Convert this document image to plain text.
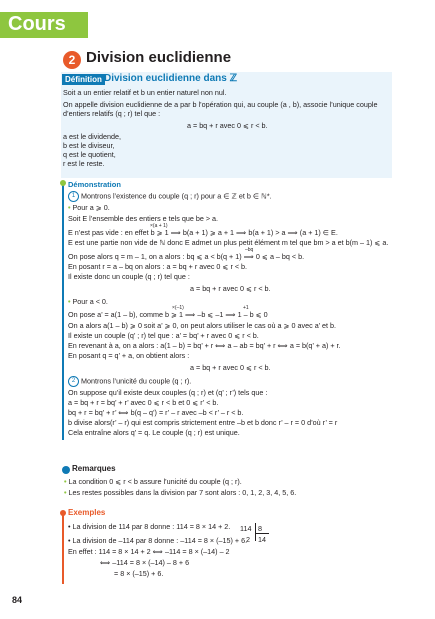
Cours
2 Division euclidienne
Définition Division euclidienne dans ℤ
Soit a un entier relatif et b un entier naturel non nul.
On appelle division euclidienne de a par b l’opération qui, au couple (a , b), associe l’unique couple
d’entiers relatifs (q ; r) tel que :
a = bq + r avec 0 ⩽ r < b.
a est le dividende,
b est le diviseur,
q est le quotient,
r est le reste.
Démonstration
1 Montrons l’existence du couple (q ; r) pour a ∈ ℤ et b ∈ ℕ*.
• Pour a ⩾ 0.
Soit E l’ensemble des entiers e tels que be > a.
×(a + 1)
E n’est pas vide : en effet b ⩾ 1 ⟹ b(a + 1) ⩾ a + 1 ⟹ b(a + 1) > a ⟹ (a + 1) ∈ E.
E est une partie non vide de ℕ donc E admet un plus petit élément m tel que bm > a et b(m – 1) ⩽ a.
–bq
On pose alors q = m – 1, on a alors : bq ⩽ a < b(q + 1) ⟹ 0 ⩽ a – bq < b.
En posant r = a – bq on alors : a = bq + r avec 0 ⩽ r < b.
Il existe donc un couple (q ; r) tel que :
a = bq + r avec 0 ⩽ r < b.
• Pour a < 0.
×(–1)	+1
On pose a’ = a(1 – b), comme b ⩾ 1 ⟹ –b ⩽ –1 ⟹ 1 – b ⩽ 0
On a alors a(1 – b) ⩾ 0 soit a’ ⩾ 0, on peut alors utiliser le cas où a ⩾ 0 avec a’ et b.
Il existe un couple (q’ ; r) tel que : a’ = bq’ + r avec 0 ⩽ r < b.
En revenant à a, on a alors : a(1 – b) = bq’ + r ⟺ a – ab = bq’ + r ⟺ a = b(q’ + a) + r.
En posant q = q’ + a, on obtient alors :
a = bq + r avec 0 ⩽ r < b.
2 Montrons l’unicité du couple (q ; r).
On suppose qu’il existe deux couples (q ; r) et (q’ ; r’) tels que :
a = bq + r = bq’ + r’ avec 0 ⩽ r < b et 0 ⩽ r’ < b.
bq + r = bq’ + r’ ⟺ b(q – q’) = r’ – r avec –b < r’ – r < b.
b divise alors(r’ – r) qui est compris strictement entre –b et b donc r’ – r = 0 d’où r’ = r
Cela entraîne alors q’ = q. Le couple (q ; r) est unique.
Remarques
• La condition 0 ⩽ r < b assure l’unicité du couple (q ; r).
• Les restes possibles dans la division par 7 sont alors : 0, 1, 2, 3, 4, 5, 6.
Exemples
• La division de 114 par 8 donne : 114 = 8 × 14 + 2.
• La division de –114 par 8 donne : –114 = 8 × (–15) + 6.
En effet : 114 = 8 × 14 + 2 ⟺ –114 = 8 × (–14) – 2
⟺ –114 = 8 × (–14) – 8 + 6
= 8 × (–15) + 6.
114 8
2 14
84
